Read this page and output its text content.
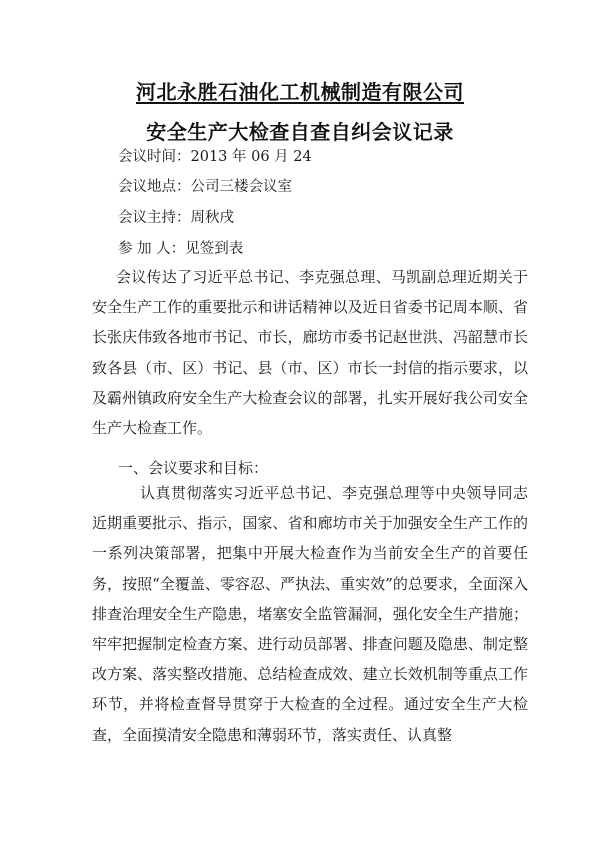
河北永胜石油化工机械制造有限公司
安全生产大检查自查自纠会议记录
会议时间：2013 年 06 月 24
会议地点：公司三楼会议室
会议主持：周秋戌
参 加 人：见签到表
会议传达了习近平总书记、李克强总理、马凯副总理近期关于安全生产工作的重要批示和讲话精神以及近日省委书记周本顺、省长张庆伟致各地市书记、市长，廊坊市委书记赵世洪、冯韶慧市长致各县（市、区）书记、县（市、区）市长一封信的指示要求，以及霸州镇政府安全生产大检查会议的部署，扎实开展好我公司安全生产大检查工作。
一、会议要求和目标：
认真贯彻落实习近平总书记、李克强总理等中央领导同志近期重要批示、指示，国家、省和廊坊市关于加强安全生产工作的一系列决策部署，把集中开展大检查作为当前安全生产的首要任务，按照“全覆盖、零容忍、严执法、重实效”的总要求，全面深入排查治理安全生产隐患，堵塞安全监管漏洞，强化安全生产措施；牢牢把握制定检查方案、进行动员部署、排查问题及隐患、制定整改方案、落实整改措施、总结检查成效、建立长效机制等重点工作环节，并将检查督导贯穿于大检查的全过程。通过安全生产大检查，全面摸清安全隐患和薄弱环节，落实责任、认真整
